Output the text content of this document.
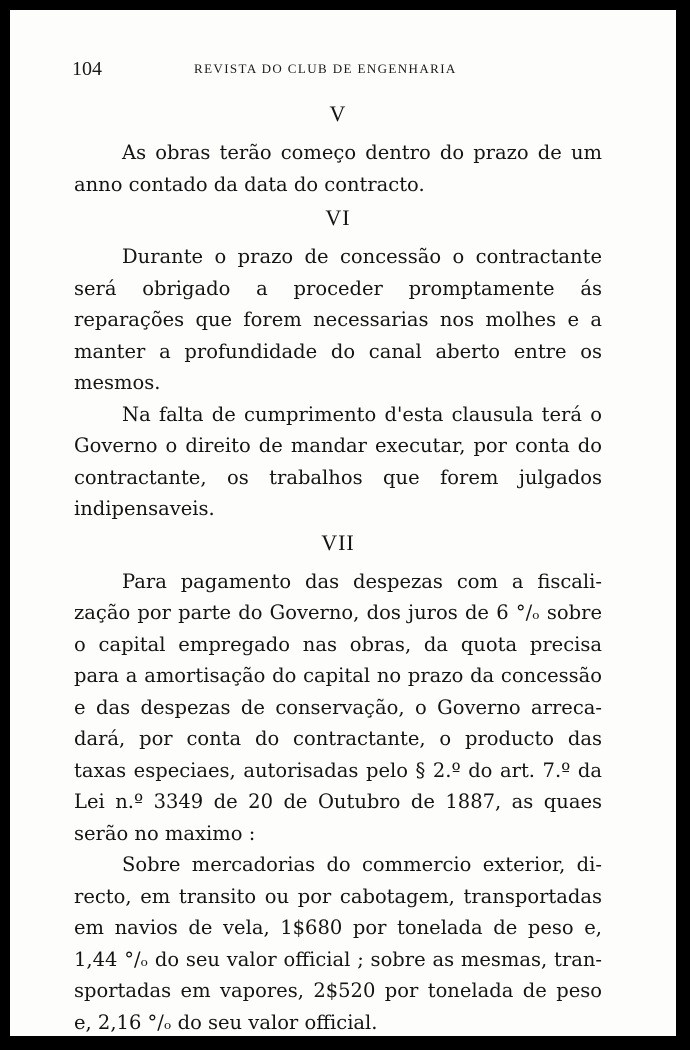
104	REVISTA DO CLUB DE ENGENHARIA
V

As obras terão começo dentro do prazo de um anno contado da data do contracto.

VI

Durante o prazo de concessão o contractante será obrigado a proceder promptamente ás reparações que forem necessarias nos molhes e a manter a profundidade do canal aberto entre os mesmos.

Na falta de cumprimento d'esta clausula terá o Governo o direito de mandar executar, por conta do contractante, os trabalhos que forem julgados indipensaveis.

VII

Para pagamento das despezas com a fiscalização por parte do Governo, dos juros de 6 °/ₒ sobre o capital empregado nas obras, da quota precisa para a amortisação do capital no prazo da concessão e das despezas de conservação, o Governo arrecadará, por conta do contractante, o producto das taxas especiaes, autorisadas pelo § 2.º do art. 7.º da Lei n.º 3349 de 20 de Outubro de 1887, as quaes serão no maximo :

Sobre mercadorias do commercio exterior, directo, em transito ou por cabotagem, transportadas em navios de vela, 1$680 por tonelada de peso e, 1,44 °/ₒ do seu valor official ; sobre as mesmas, transportadas em vapores, 2$520 por tonelada de peso e, 2,16 °/ₒ do seu valor official.
